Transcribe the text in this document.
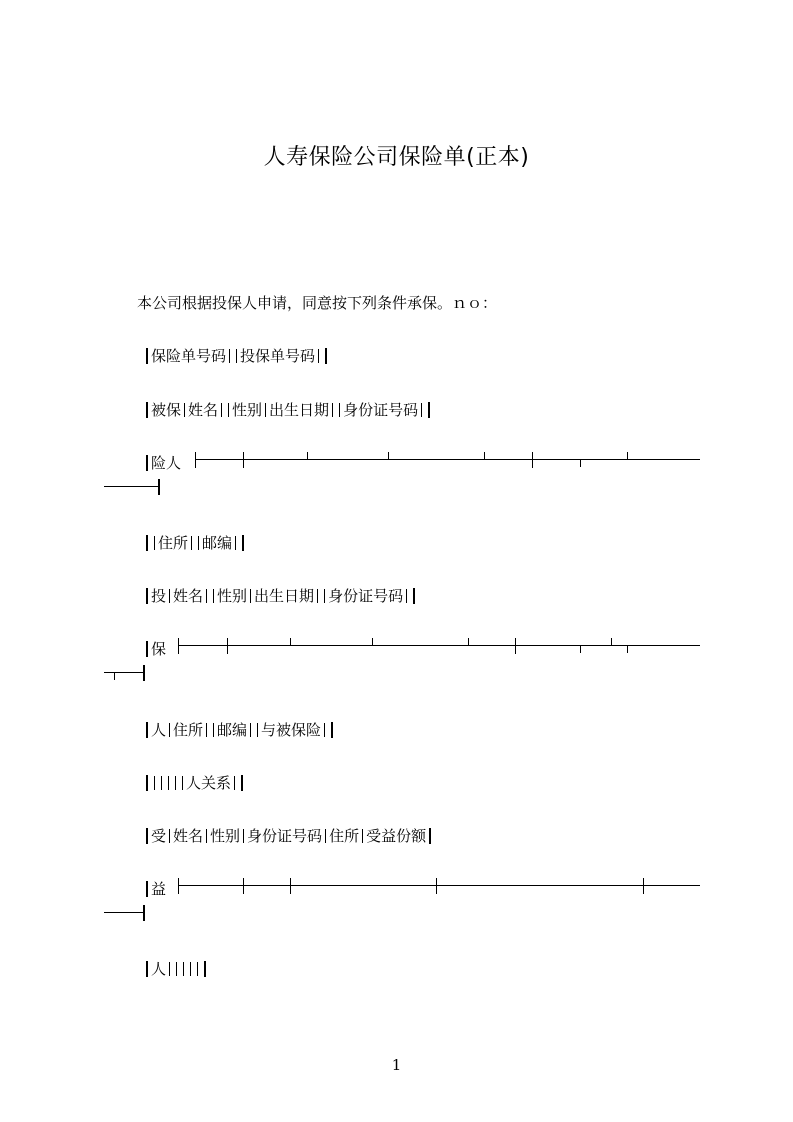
人寿保险公司保险单(正本)
本公司根据投保人申请，同意按下列条件承保。ｎｏ：
保险单号码 投保单号码
被保 姓名 性别 出生日期 身份证号码
险人
住所 邮编
投 姓名 性别 出生日期 身份证号码
保
人 住所 邮编 与被保险
人关系
受 姓名 性别 身份证号码 住所 受益份额
益
人
1
